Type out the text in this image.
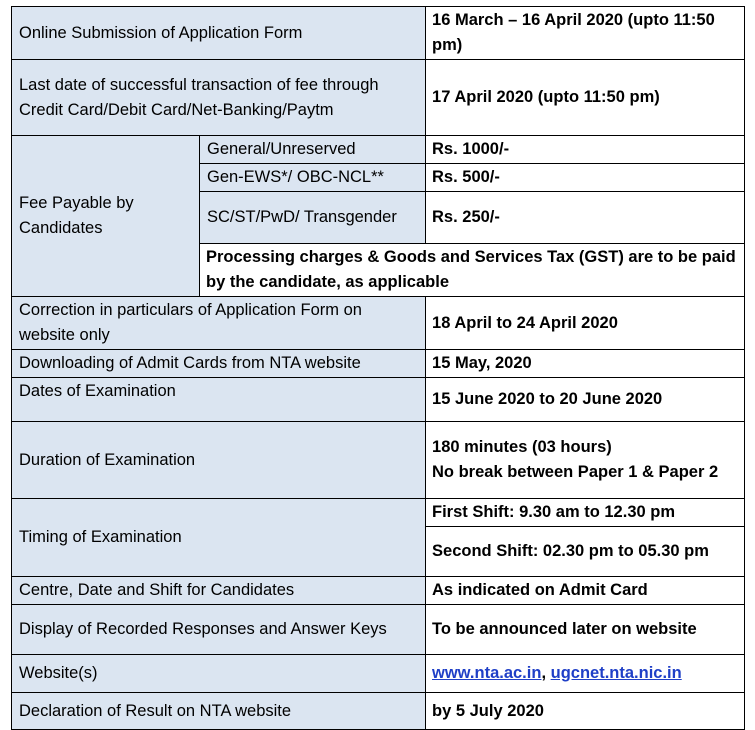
Online Submission of Application Form		16 March – 16 April 2020 (upto 11:50 pm)
Last date of successful transaction of fee through Credit Card/Debit Card/Net-Banking/Paytm		17 April 2020 (upto 11:50 pm)
Fee Payable by Candidates	General/Unreserved	Rs. 1000/-
	Gen-EWS*/ OBC-NCL**	Rs. 500/-
	SC/ST/PwD/ Transgender	Rs. 250/-
	Processing charges & Goods and Services Tax (GST) are to be paid by the candidate, as applicable	
Correction in particulars of Application Form on website only		18 April to 24 April 2020
Downloading of Admit Cards from NTA website		15 May, 2020
Dates of Examination		15 June 2020 to 20 June 2020
Duration of Examination		180 minutes (03 hours)
No break between Paper 1 & Paper 2

Timing of Examination		First Shift: 9.30 am to 12.30 pm
		Second Shift: 02.30 pm to 05.30 pm
Centre, Date and Shift for Candidates		As indicated on Admit Card
Display of Recorded Responses and Answer Keys		To be announced later on website
Website(s)		www.nta.ac.in, ugcnet.nta.nic.in
Declaration of Result on NTA website		by 5 July 2020
